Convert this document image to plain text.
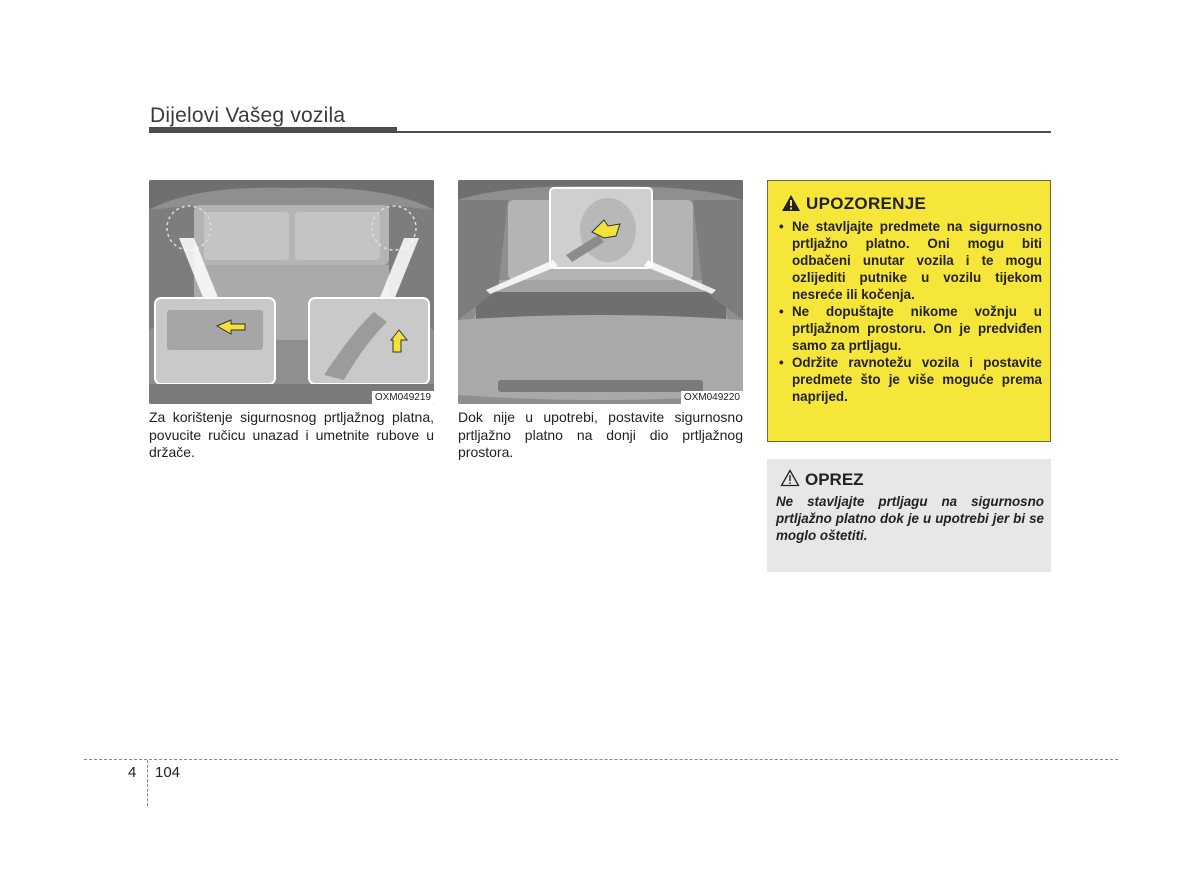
Dijelovi Vašeg vozila
OXM049219
Za korištenje sigurnosnog prtljažnog platna, povucite ručicu unazad i umetnite rubove u držače.
OXM049220
Dok nije u upotrebi, postavite sigurnosno prtljažno platno na donji dio prtljažnog prostora.
UPOZORENJE
• Ne stavljajte predmete na sigurnosno prtljažno platno. Oni mogu biti odbačeni unutar vozila i te mogu ozlijediti putnike u vozilu tijekom nesreće ili kočenja.
• Ne dopuštajte nikome vožnju u prtljažnom prostoru. On je predviđen samo za prtljagu.
• Održite ravnotežu vozila i postavite predmete što je više moguće prema naprijed.
OPREZ
Ne stavljajte prtljagu na sigurnosno prtljažno platno dok je u upotrebi jer bi se moglo oštetiti.
4 104
